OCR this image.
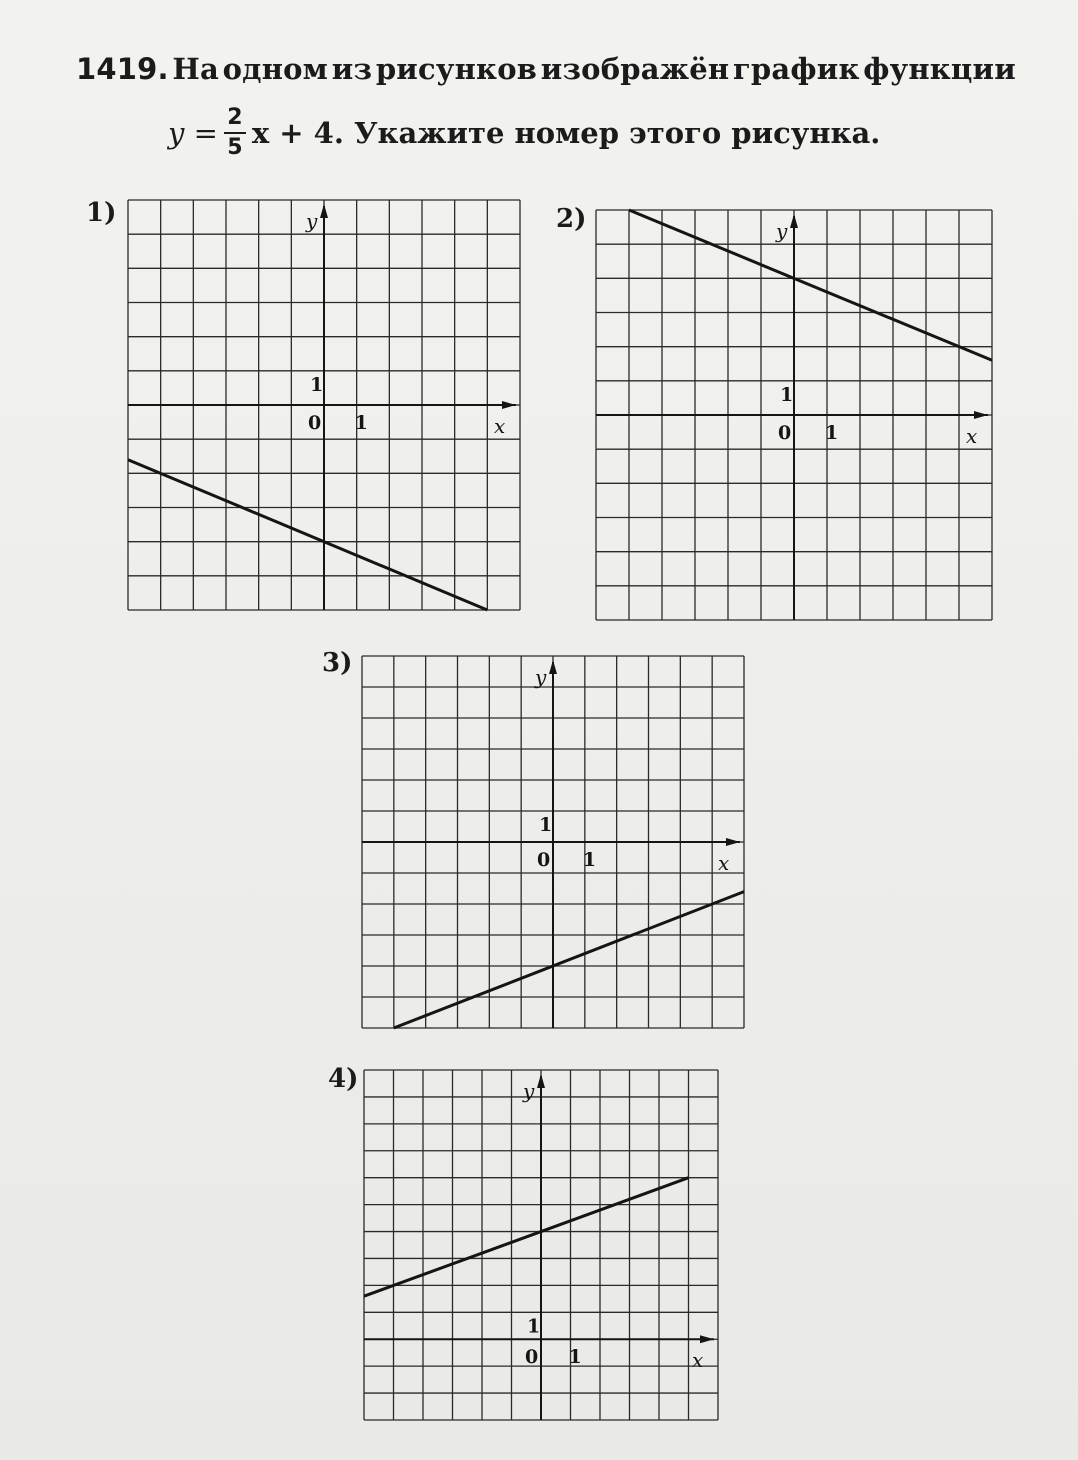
1419. На одном из рисунков изображён график функции
$y = \frac{2}{5}$ x + 4. Укажите номер этого рисунка.
1)	y
x
0 1
1
2)	y
x
0 1
1
3)	y
x
0 1
1
4)	y
x
0 1
1
